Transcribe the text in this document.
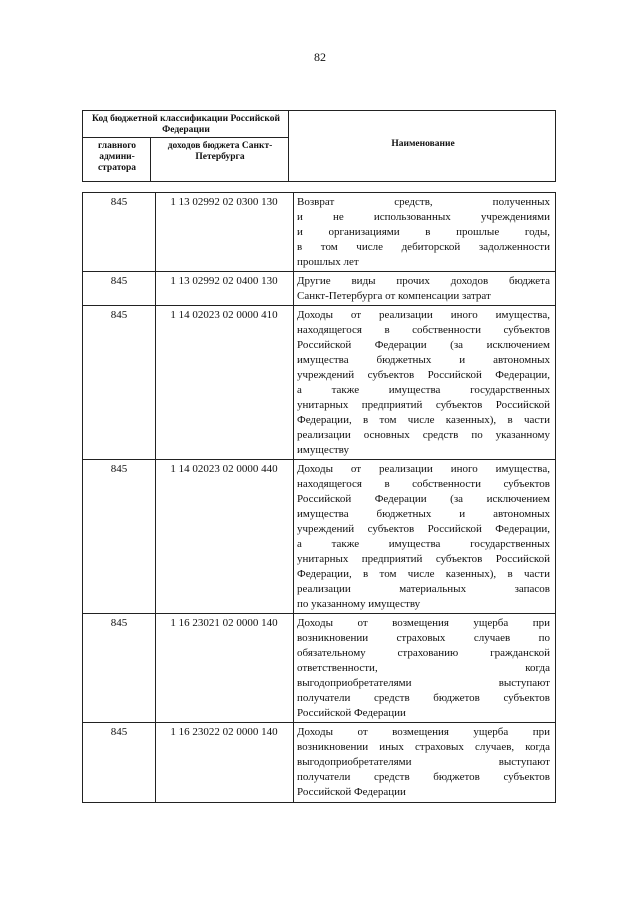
82
Код бюджетной классификации Российской Федерации
главного админи-стратора
доходов бюджета Санкт-Петербурга
Наименование
845	1 13 02992 02 0300 130	Возврат средств, полученных
и не использованных учреждениями
и организациями в прошлые годы,
в том числе дебиторской задолженности
прошлых лет
845	1 13 02992 02 0400 130	Другие виды прочих доходов бюджета
Санкт-Петербурга от компенсации затрат
845	1 14 02023 02 0000 410	Доходы от реализации иного имущества,
находящегося в собственности субъектов
Российской Федерации (за исключением
имущества бюджетных и автономных
учреждений субъектов Российской Федерации,
а также имущества государственных
унитарных предприятий субъектов Российской
Федерации, в том числе казенных), в части
реализации основных средств по указанному
имуществу
845	1 14 02023 02 0000 440	Доходы от реализации иного имущества,
находящегося в собственности субъектов
Российской Федерации (за исключением
имущества бюджетных и автономных
учреждений субъектов Российской Федерации,
а также имущества государственных
унитарных предприятий субъектов Российской
Федерации, в том числе казенных), в части
реализации материальных запасов
по указанному имуществу
845	1 16 23021 02 0000 140	Доходы от возмещения ущерба при
возникновении страховых случаев по
обязательному страхованию гражданской
ответственности, когда
выгодоприобретателями выступают
получатели средств бюджетов субъектов
Российской Федерации
845	1 16 23022 02 0000 140	Доходы от возмещения ущерба при
возникновении иных страховых случаев, когда
выгодоприобретателями выступают
получатели средств бюджетов субъектов
Российской Федерации
